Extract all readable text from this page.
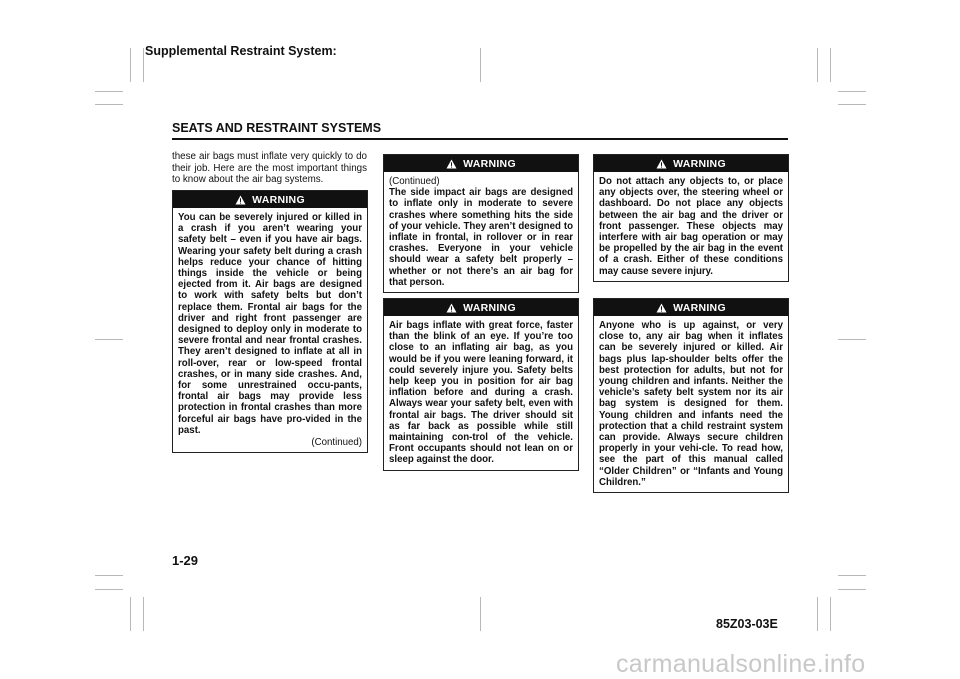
Supplemental Restraint System:
SEATS AND RESTRAINT SYSTEMS
these air bags must inflate very quickly to do their job. Here are the most important things to know about the air bag systems.
WARNING
You can be severely injured or killed in a crash if you aren’t wearing your safety belt – even if you have air bags. Wearing your safety belt during a crash helps reduce your chance of hitting things inside the vehicle or being ejected from it. Air bags are designed to work with safety belts but don’t replace them. Frontal air bags for the driver and right front passenger are designed to deploy only in moderate to severe frontal and near frontal crashes. They aren’t designed to inflate at all in roll-over, rear or low-speed frontal crashes, or in many side crashes. And, for some unrestrained occu-pants, frontal air bags may provide less protection in frontal crashes than more forceful air bags have pro-vided in the past.
(Continued)
WARNING
(Continued)
The side impact air bags are designed to inflate only in moderate to severe crashes where something hits the side of your vehicle. They aren’t designed to inflate in frontal, in rollover or in rear crashes. Everyone in your vehicle should wear a safety belt properly – whether or not there’s an air bag for that person.
WARNING
Air bags inflate with great force, faster than the blink of an eye. If you’re too close to an inflating air bag, as you would be if you were leaning forward, it could severely injure you. Safety belts help keep you in position for air bag inflation before and during a crash. Always wear your safety belt, even with frontal air bags. The driver should sit as far back as possible while still maintaining con-trol of the vehicle. Front occupants should not lean on or sleep against the door.
WARNING
Do not attach any objects to, or place any objects over, the steering wheel or dashboard. Do not place any objects between the air bag and the driver or front passenger. These objects may interfere with air bag operation or may be propelled by the air bag in the event of a crash. Either of these conditions may cause severe injury.
WARNING
Anyone who is up against, or very close to, any air bag when it inflates can be severely injured or killed. Air bags plus lap-shoulder belts offer the best protection for adults, but not for young children and infants. Neither the vehicle’s safety belt system nor its air bag system is designed for them. Young children and infants need the protection that a child restraint system can provide. Always secure children properly in your vehi-cle. To read how, see the part of this manual called “Older Children” or “Infants and Young Children.”
1-29
85Z03-03E
carmanualsonline.info
